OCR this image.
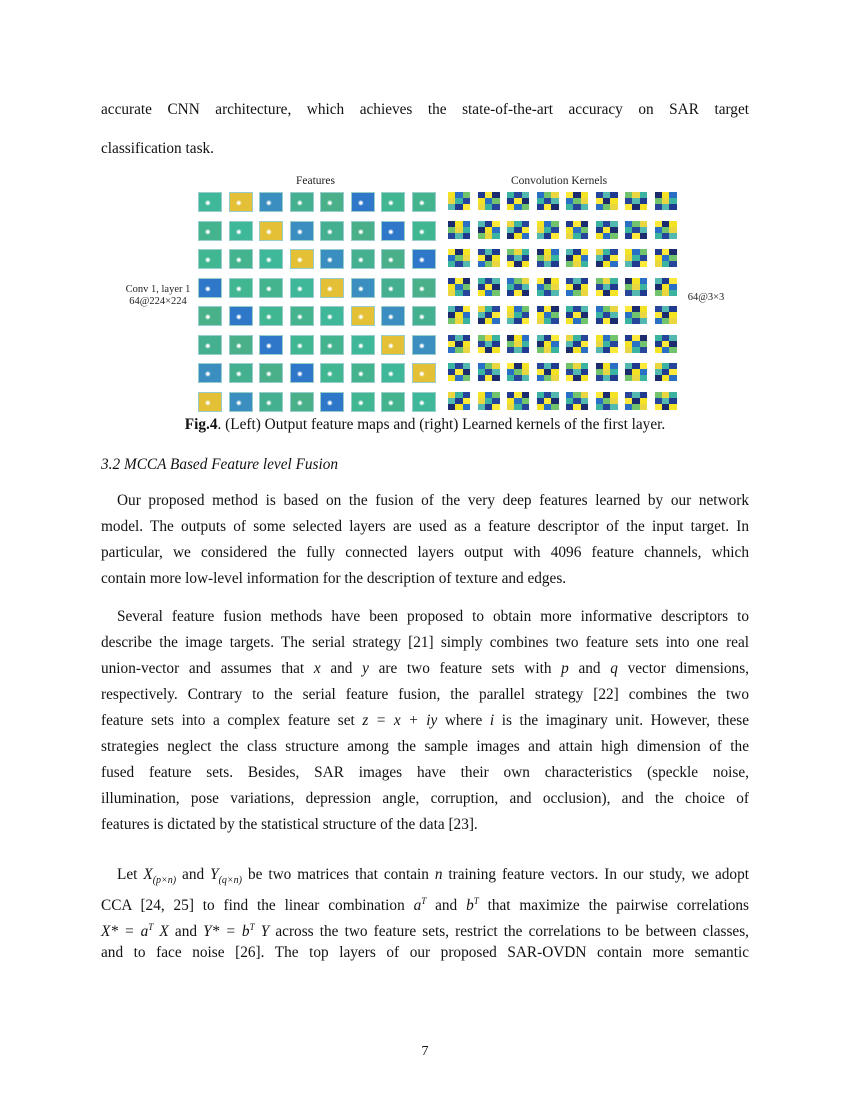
accurate CNN architecture, which achieves the state-of-the-art accuracy on SAR target
classification task.
Features	Convolution Kernels
Conv 1, layer 1
64@224×224	64@3×3
Fig.4. (Left) Output feature maps and (right) Learned kernels of the first layer.
3.2 MCCA Based Feature level Fusion

Our proposed method is based on the fusion of the very deep features learned by our network

model. The outputs of some selected layers are used as a feature descriptor of the input target. In

particular, we considered the fully connected layers output with 4096 feature channels, which

contain more low-level information for the description of texture and edges.

Several feature fusion methods have been proposed to obtain more informative descriptors to

describe the image targets. The serial strategy [21] simply combines two feature sets into one real

union-vector and assumes that x and y are two feature sets with p and q vector dimensions,

respectively. Contrary to the serial feature fusion, the parallel strategy [22] combines the two

feature sets into a complex feature set z = x + iy where i is the imaginary unit. However, these

strategies neglect the class structure among the sample images and attain high dimension of the

fused feature sets. Besides, SAR images have their own characteristics (speckle noise,

illumination, pose variations, depression angle, corruption, and occlusion), and the choice of

features is dictated by the statistical structure of the data [23].

Let $X_{(p\times n)}$ and $Y_{(q\times n)}$ be two matrices that contain n training feature vectors. In our study, we adopt

CCA [24, 25] to find the linear combination $a^T$ and $b^T$ that maximize the pairwise correlations

$X* = a^T$ X and $Y* = b^T$ Y across the two feature sets, restrict the correlations to be between classes,

and to face noise [26]. The top layers of our proposed SAR-OVDN contain more semantic

7
